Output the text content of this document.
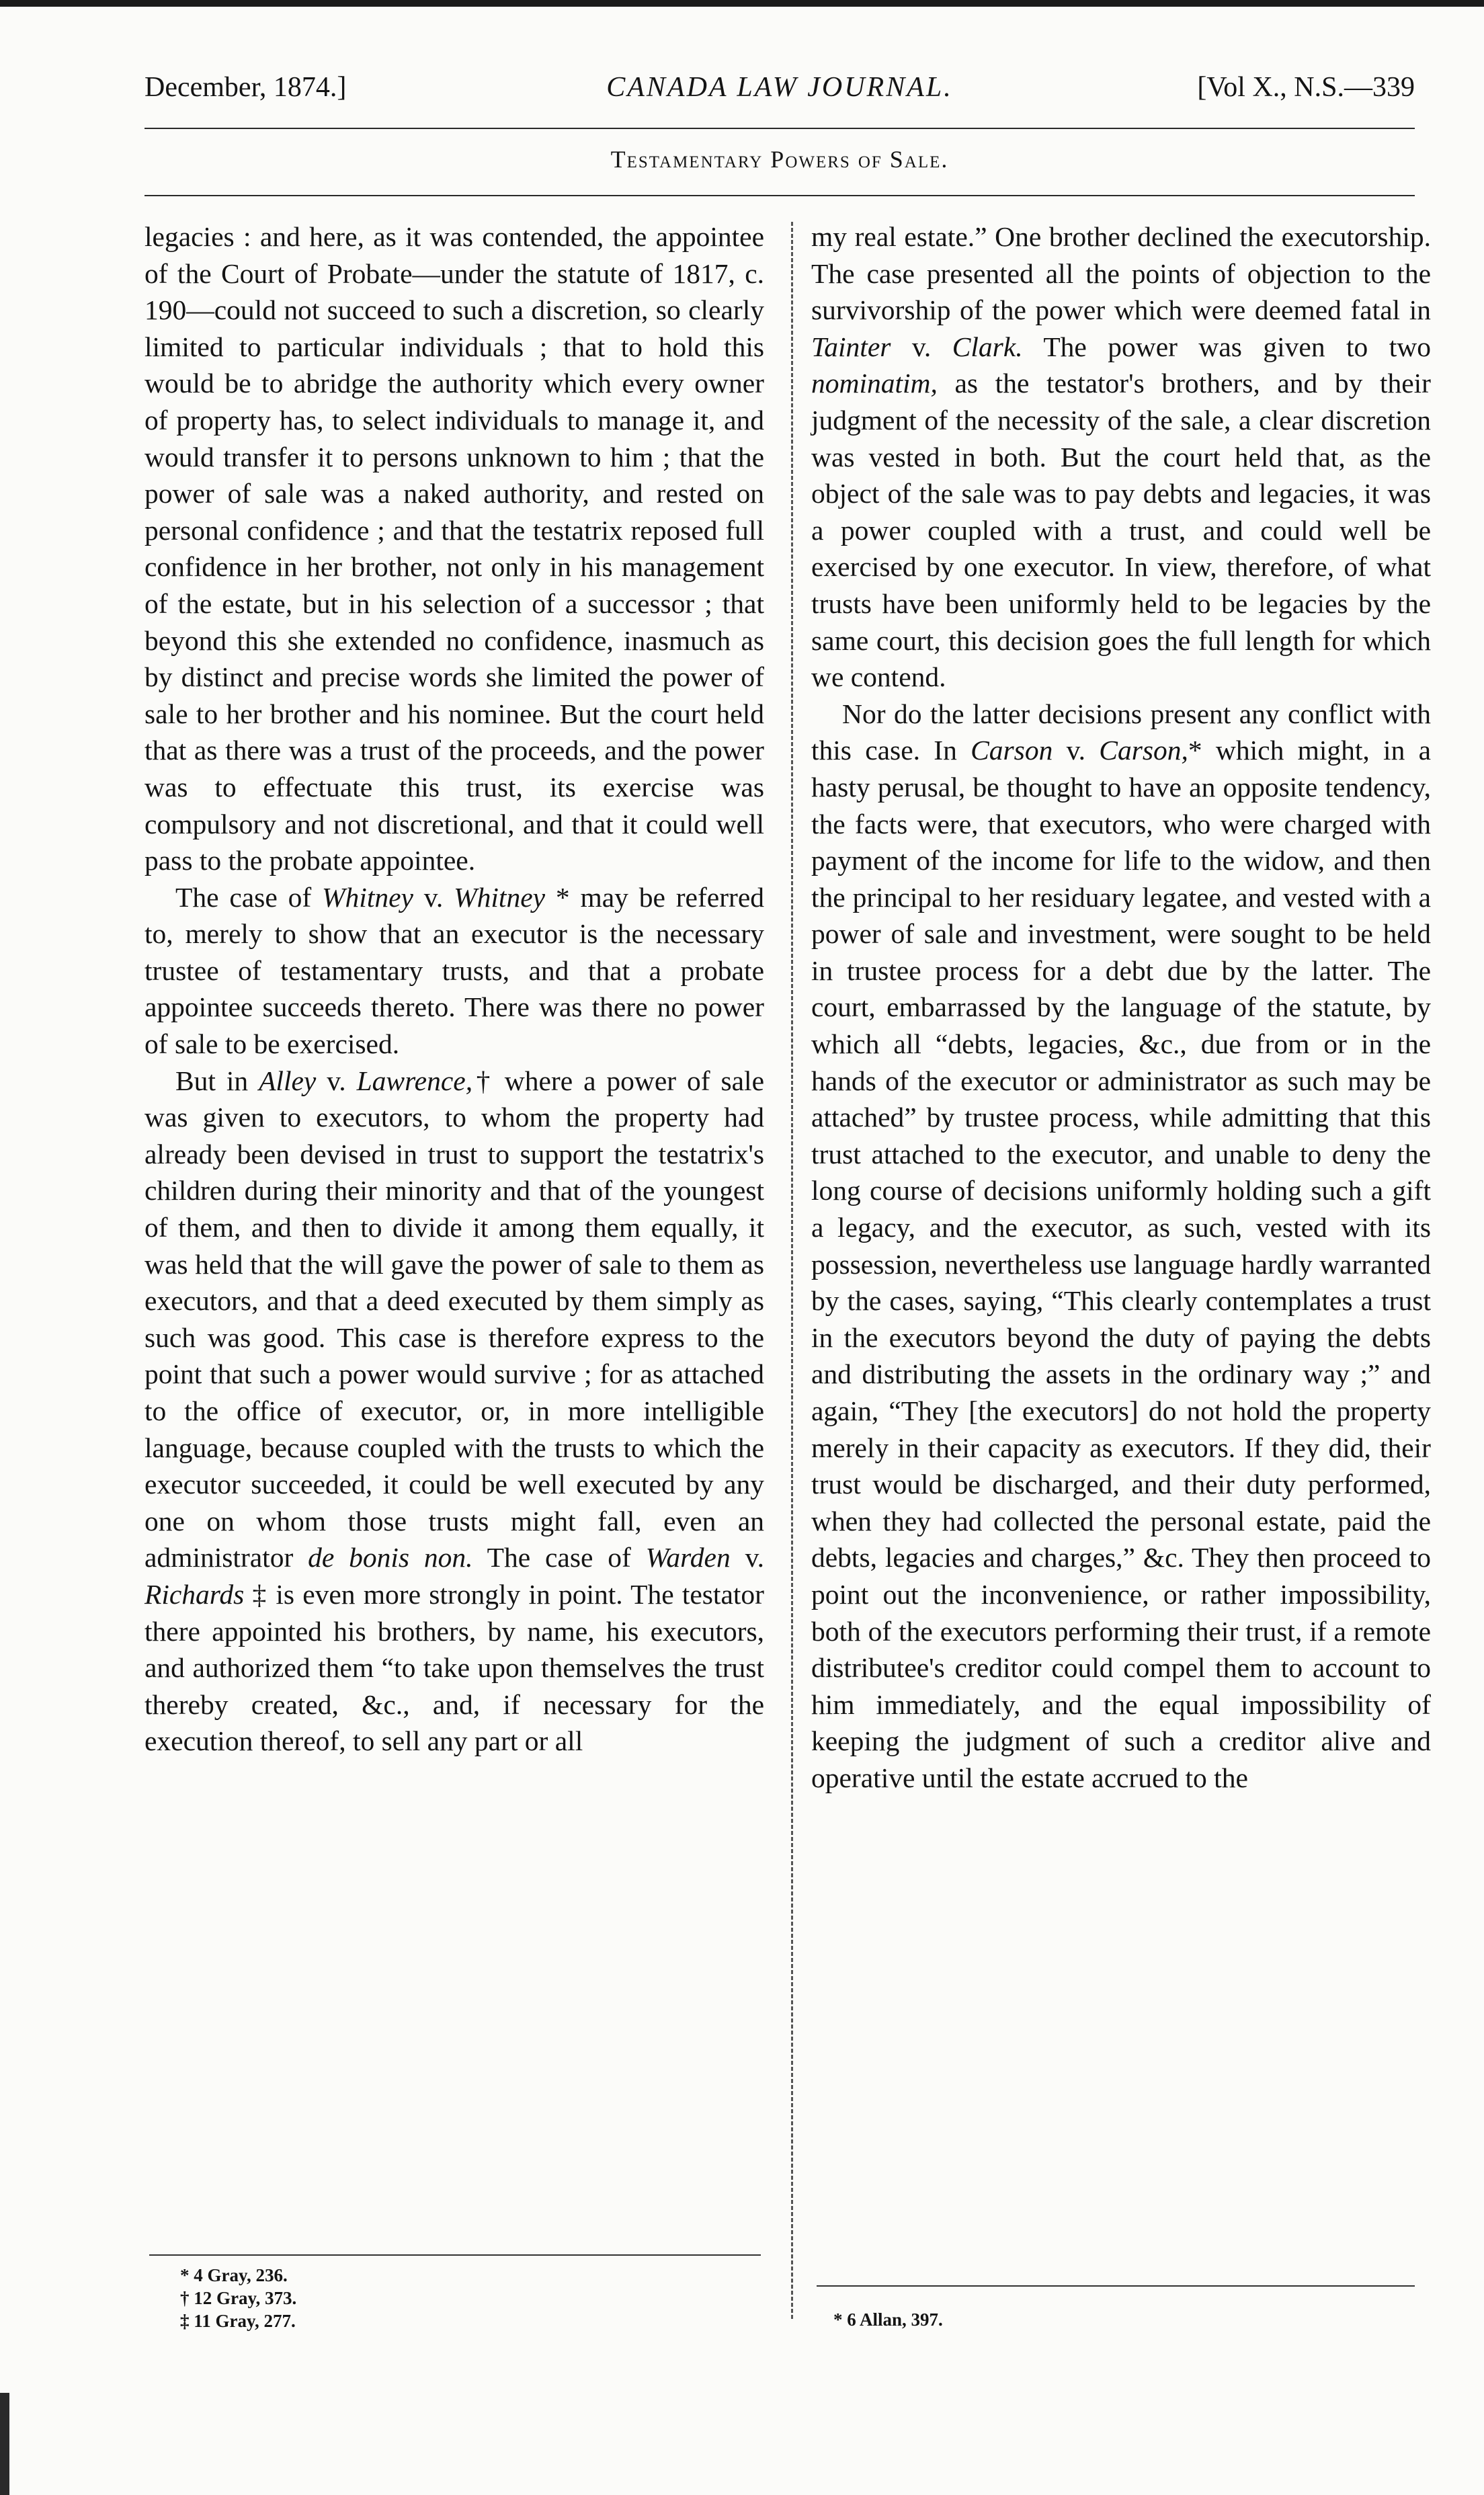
December, 1874.]	CANADA LAW JOURNAL.	[Vol X., N.S.—339
Testamentary Powers of Sale.

legacies : and here, as it was contended, the appointee of the Court of Probate—under the statute of 1817, c. 190—could not succeed to such a discretion, so clearly limited to particular individuals ; that to hold this would be to abridge the authority which every owner of property has, to select individuals to manage it, and would transfer it to persons unknown to him ; that the power of sale was a naked authority, and rested on personal confidence ; and that the testatrix reposed full confidence in her brother, not only in his management of the estate, but in his selection of a successor ; that beyond this she extended no confidence, inasmuch as by distinct and precise words she limited the power of sale to her brother and his nominee. But the court held that as there was a trust of the proceeds, and the power was to effectuate this trust, its exercise was compulsory and not discretional, and that it could well pass to the probate appointee.

The case of Whitney v. Whitney * may be referred to, merely to show that an executor is the necessary trustee of testamentary trusts, and that a probate appointee succeeds thereto. There was there no power of sale to be exercised.

But in Alley v. Lawrence,† where a power of sale was given to executors, to whom the property had already been devised in trust to support the testatrix's children during their minority and that of the youngest of them, and then to divide it among them equally, it was held that the will gave the power of sale to them as executors, and that a deed executed by them simply as such was good. This case is therefore express to the point that such a power would survive ; for as attached to the office of executor, or, in more intelligible language, because coupled with the trusts to which the executor succeeded, it could be well executed by any one on whom those trusts might fall, even an administrator de bonis non. The case of Warden v. Richards ‡ is even more strongly in point. The testator there appointed his brothers, by name, his executors, and authorized them “to take upon themselves the trust thereby created, &c., and, if necessary for the execution thereof, to sell any part or all

my real estate.” One brother declined the executorship. The case presented all the points of objection to the survivorship of the power which were deemed fatal in Tainter v. Clark. The power was given to two nominatim, as the testator's brothers, and by their judgment of the necessity of the sale, a clear discretion was vested in both. But the court held that, as the object of the sale was to pay debts and legacies, it was a power coupled with a trust, and could well be exercised by one executor. In view, therefore, of what trusts have been uniformly held to be legacies by the same court, this decision goes the full length for which we contend.

Nor do the latter decisions present any conflict with this case. In Carson v. Carson,* which might, in a hasty perusal, be thought to have an opposite tendency, the facts were, that executors, who were charged with payment of the income for life to the widow, and then the principal to her residuary legatee, and vested with a power of sale and investment, were sought to be held in trustee process for a debt due by the latter. The court, embarrassed by the language of the statute, by which all “debts, legacies, &c., due from or in the hands of the executor or administrator as such may be attached” by trustee process, while admitting that this trust attached to the executor, and unable to deny the long course of decisions uniformly holding such a gift a legacy, and the executor, as such, vested with its possession, nevertheless use language hardly warranted by the cases, saying, “This clearly contemplates a trust in the executors beyond the duty of paying the debts and distributing the assets in the ordinary way ;” and again, “They [the executors] do not hold the property merely in their capacity as executors. If they did, their trust would be discharged, and their duty performed, when they had collected the personal estate, paid the debts, legacies and charges,” &c. They then proceed to point out the inconvenience, or rather impossibility, both of the executors performing their trust, if a remote distributee's creditor could compel them to account to him immediately, and the equal impossibility of keeping the judgment of such a creditor alive and operative until the estate accrued to the

* 4 Gray, 236.
† 12 Gray, 373.
‡ 11 Gray, 277.	* 6 Allan, 397.
